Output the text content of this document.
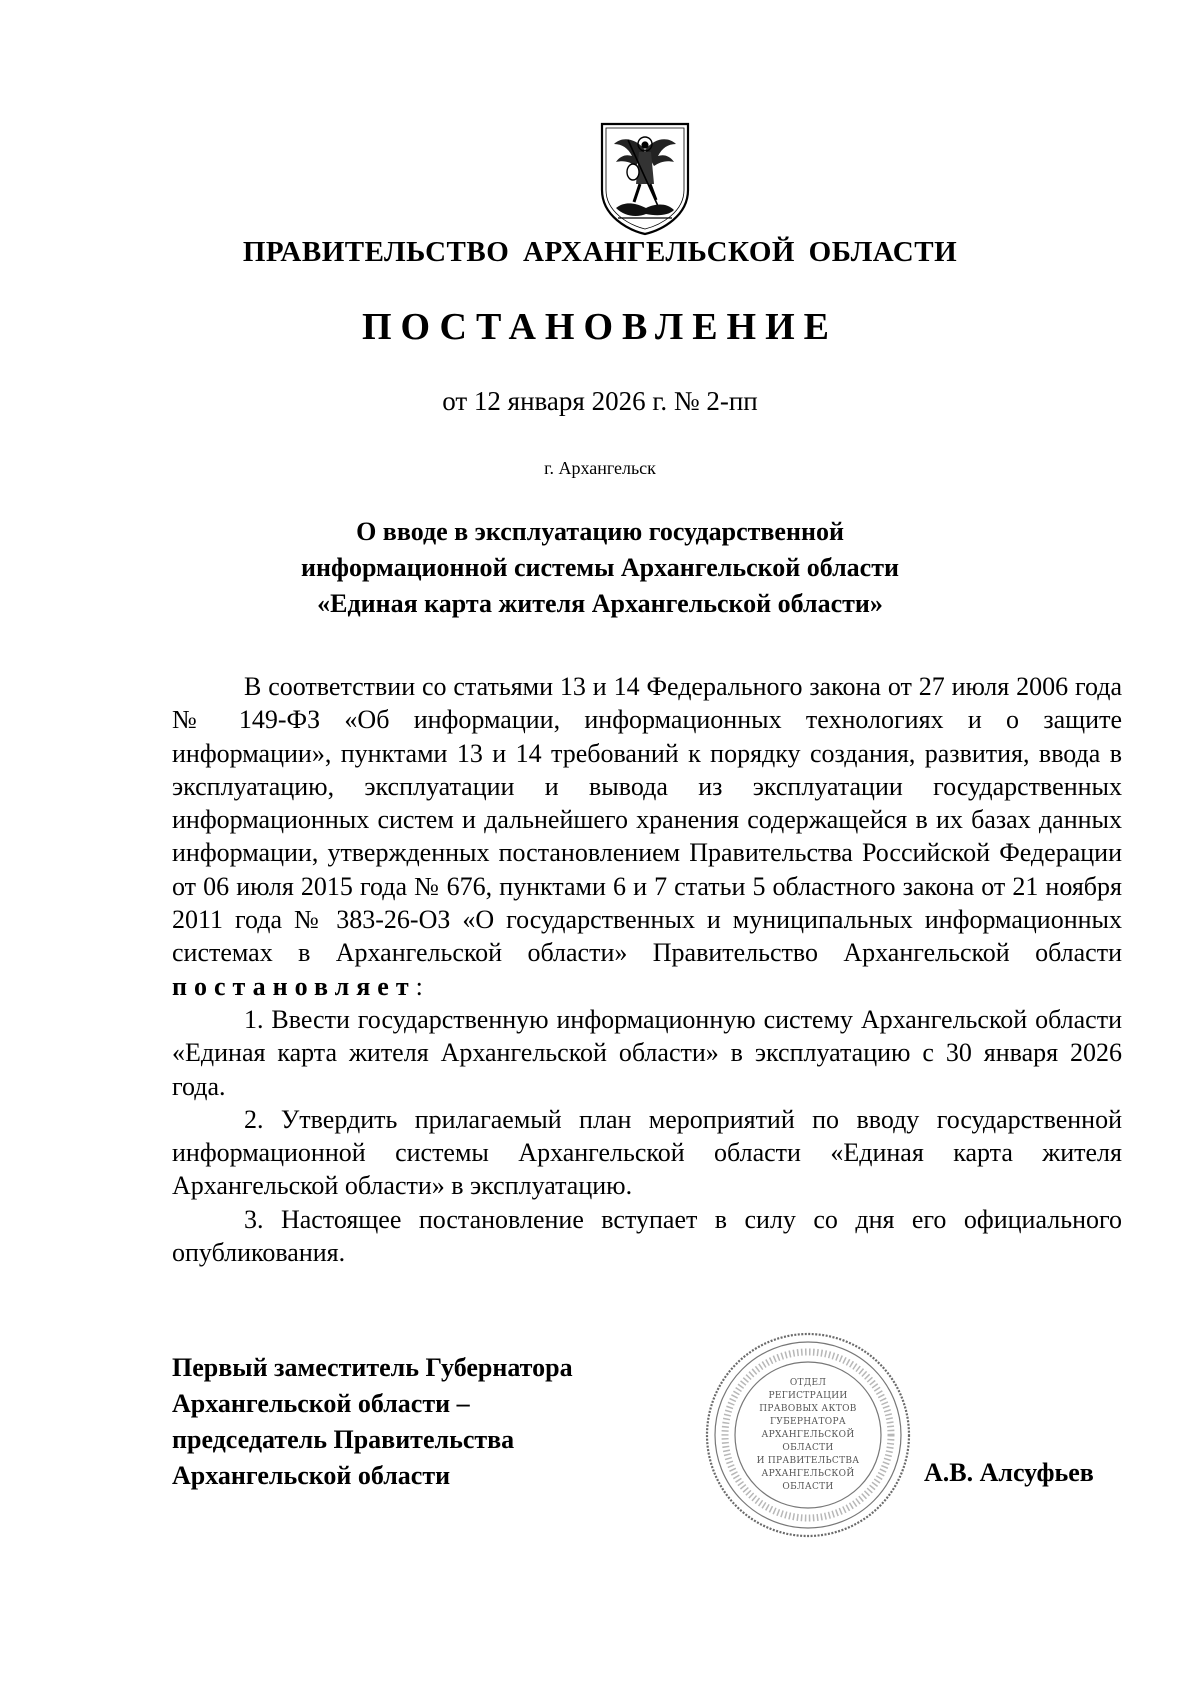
ПРАВИТЕЛЬСТВО АРХАНГЕЛЬСКОЙ ОБЛАСТИ
ПОСТАНОВЛЕНИЕ
от 12 января 2026 г. № 2-пп
г. Архангельск
О вводе в эксплуатацию государственной
информационной системы Архангельской области
«Единая карта жителя Архангельской области»

В соответствии со статьями 13 и 14 Федерального закона от 27 июля 2006 года № 149-ФЗ «Об информации, информационных технологиях и о защите информации», пунктами 13 и 14 требований к порядку создания, развития, ввода в эксплуатацию, эксплуатации и вывода из эксплуатации государственных информационных систем и дальнейшего хранения содержащейся в их базах данных информации, утвержденных постановлением Правительства Российской Федерации от 06 июля 2015 года № 676, пунктами 6 и 7 статьи 5 областного закона от 21 ноября 2011 года № 383-26-ОЗ «О государственных и муниципальных информационных системах в Архангельской области» Правительство Архангельской области постановляет:

1. Ввести государственную информационную систему Архангельской области «Единая карта жителя Архангельской области» в эксплуатацию с 30 января 2026 года.

2. Утвердить прилагаемый план мероприятий по вводу государственной информационной системы Архангельской области «Единая карта жителя Архангельской области» в эксплуатацию.

3. Настоящее постановление вступает в силу со дня его официального опубликования.

Первый заместитель Губернатора
Архангельской области –
председатель Правительства
Архангельской области
ОТДЕЛ
РЕГИСТРАЦИИ
ПРАВОВЫХ АКТОВ
ГУБЕРНАТОРА
АРХАНГЕЛЬСКОЙ
ОБЛАСТИ
И ПРАВИТЕЛЬСТВА
АРХАНГЕЛЬСКОЙ
ОБЛАСТИ	А.В. Алсуфьев
